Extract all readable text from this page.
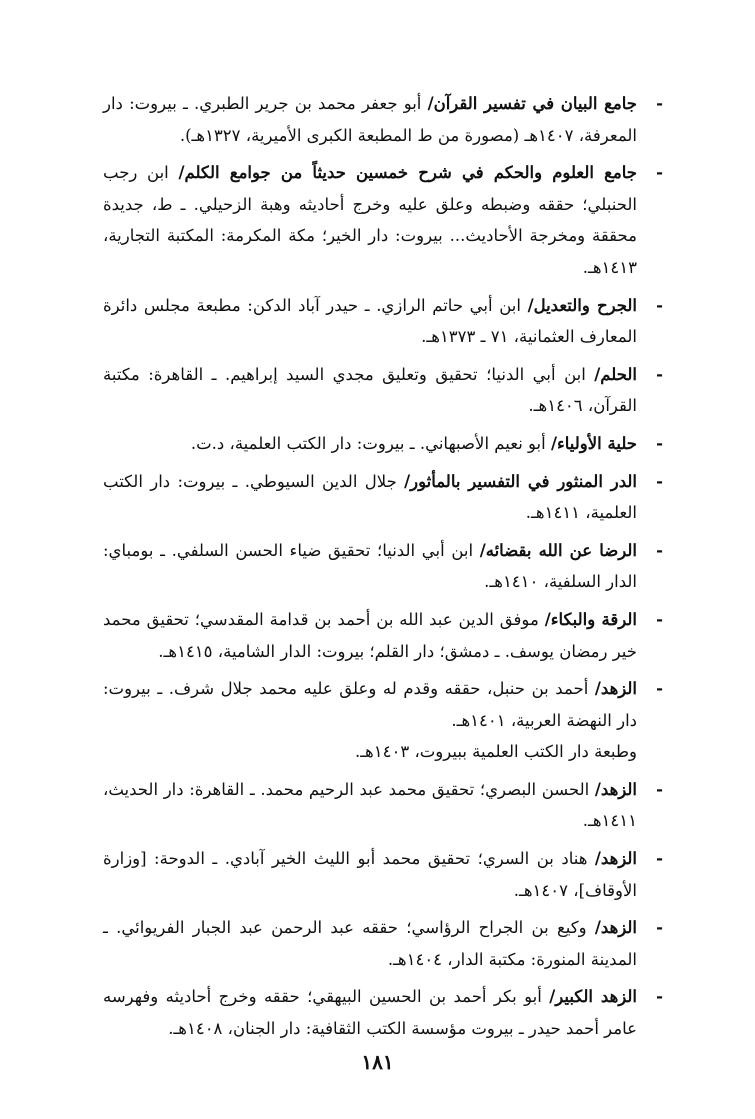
-
جامع البيان في تفسير القرآن/ أبو جعفر محمد بن جرير الطبري. ـ بيروت: دار المعرفة، ١٤٠٧هـ (مصورة من ط المطبعة الكبرى الأميرية، ١٣٢٧هـ).
-
جامع العلوم والحكم في شرح خمسين حديثاً من جوامع الكلم/ ابن رجب الحنبلي؛ حققه وضبطه وعلق عليه وخرج أحاديثه وهبة الزحيلي. ـ ط، جديدة محققة ومخرجة الأحاديث... بيروت: دار الخير؛ مكة المكرمة: المكتبة التجارية، ١٤١٣هـ.
-
الجرح والتعديل/ ابن أبي حاتم الرازي. ـ حيدر آباد الدكن: مطبعة مجلس دائرة المعارف العثمانية، ٧١ ـ ١٣٧٣هـ.
-
الحلم/ ابن أبي الدنيا؛ تحقيق وتعليق مجدي السيد إبراهيم. ـ القاهرة: مكتبة القرآن، ١٤٠٦هـ.
-
حلية الأولياء/ أبو نعيم الأصبهاني. ـ بيروت: دار الكتب العلمية، د.ت.
-
الدر المنثور في التفسير بالمأثور/ جلال الدين السيوطي. ـ بيروت: دار الكتب العلمية، ١٤١١هـ.
-
الرضا عن الله بقضائه/ ابن أبي الدنيا؛ تحقيق ضياء الحسن السلفي. ـ بومباي: الدار السلفية، ١٤١٠هـ.
-
الرقة والبكاء/ موفق الدين عبد الله بن أحمد بن قدامة المقدسي؛ تحقيق محمد خير رمضان يوسف. ـ دمشق؛ دار القلم؛ بيروت: الدار الشامية، ١٤١٥هـ.
-
الزهد/ أحمد بن حنبل، حققه وقدم له وعلق عليه محمد جلال شرف. ـ بيروت: دار النهضة العربية، ١٤٠١هـ.
وطبعة دار الكتب العلمية ببيروت، ١٤٠٣هـ.
-
الزهد/ الحسن البصري؛ تحقيق محمد عبد الرحيم محمد. ـ القاهرة: دار الحديث، ١٤١١هـ.
-
الزهد/ هناد بن السري؛ تحقيق محمد أبو الليث الخير آبادي. ـ الدوحة: [وزارة الأوقاف]، ١٤٠٧هـ.
-
الزهد/ وكيع بن الجراح الرؤاسي؛ حققه عبد الرحمن عبد الجبار الفريوائي. ـ المدينة المنورة: مكتبة الدار، ١٤٠٤هـ.
-
الزهد الكبير/ أبو بكر أحمد بن الحسين البيهقي؛ حققه وخرج أحاديثه وفهرسه عامر أحمد حيدر ـ بيروت مؤسسة الكتب الثقافية: دار الجنان، ١٤٠٨هـ.
١٨١
